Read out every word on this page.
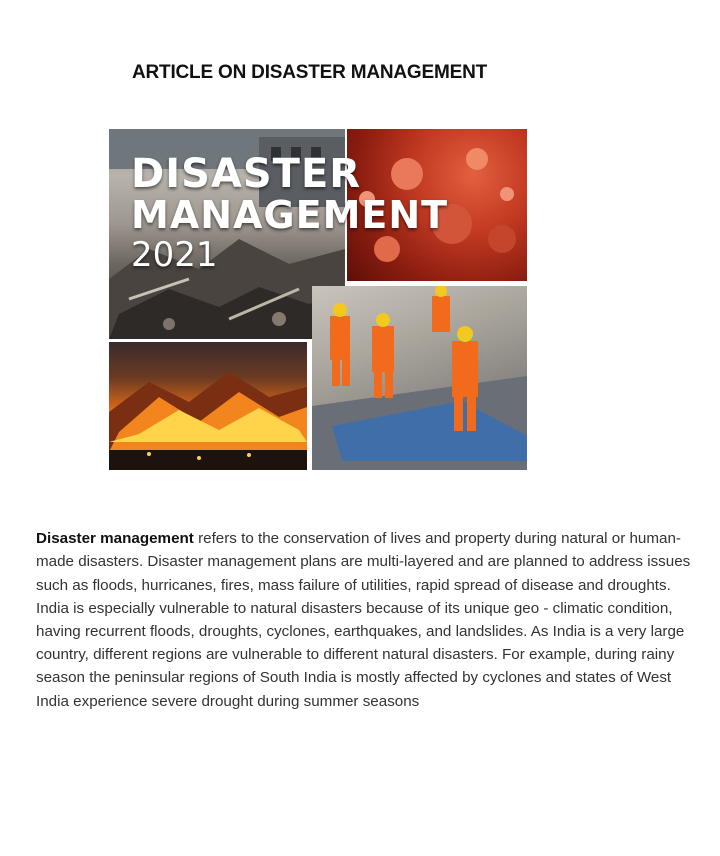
ARTICLE ON DISASTER MANAGEMENT
DISASTER
MANAGEMENT
2021

Disaster management refers to the conservation of lives and property during natural or human-made disasters. Disaster management plans are multi-layered and are planned to address issues such as floods, hurricanes, fires, mass failure of utilities, rapid spread of disease and droughts. India is especially vulnerable to natural disasters because of its unique geo - climatic condition, having recurrent floods, droughts, cyclones, earthquakes, and landslides. As India is a very large country, different regions are vulnerable to different natural disasters. For example, during rainy season the peninsular regions of South India is mostly affected by cyclones and states of West India experience severe drought during summer seasons
